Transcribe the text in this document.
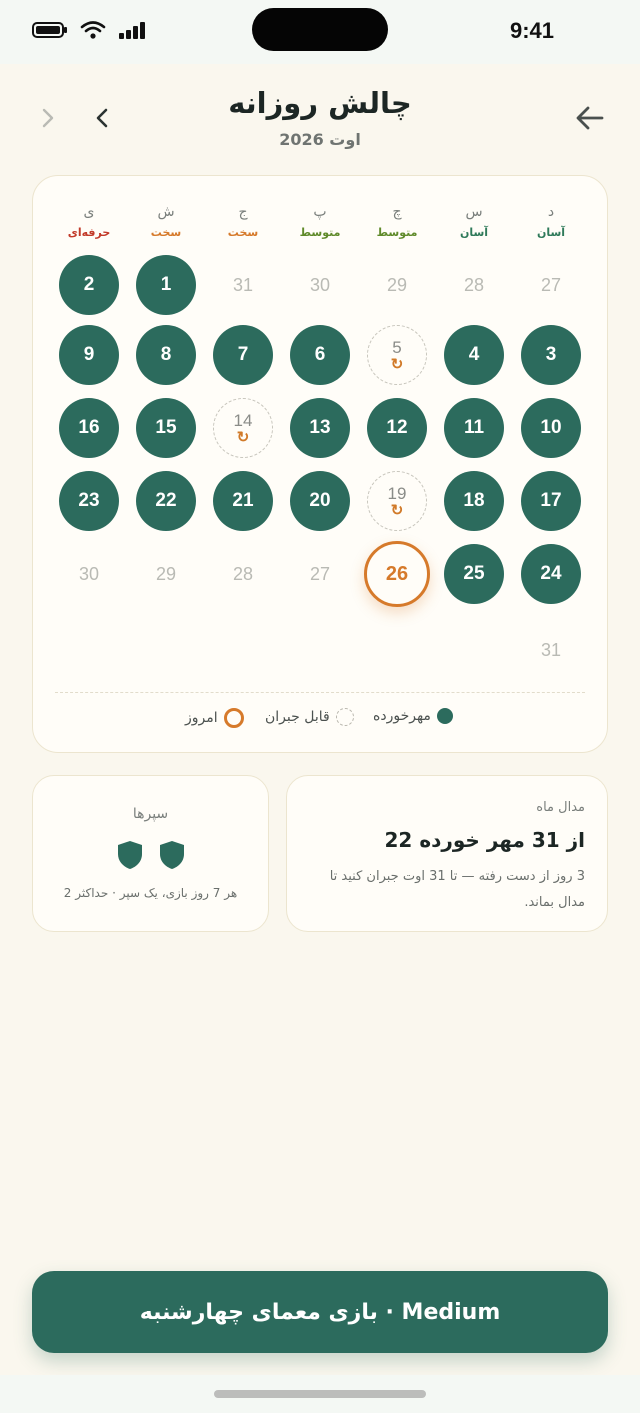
9:41
چالش روزانه
اوت 2026
مهرخورده
قابل جبران
امروز
د
آسان
س
آسان
چ
متوسط
پ
متوسط
ج
سخت
ش
سخت
ی
حرفه‌ای
27
28
29
30
31
1
2
3
4
5
↻
6
7
8
9
10
11
12
13
14
↻
15
16
17
18
19
↻
20
21
22
23
24
25
26
27
28
29
30
31
مدال ماه
22 از 31 مهر خورده
3 روز از دست رفته — تا 31 اوت جبران کنید تا مدال بماند.
سپرها
هر 7 روز بازی، یک سپر · حداکثر 2
بازی معمای چهارشنبه · Medium
